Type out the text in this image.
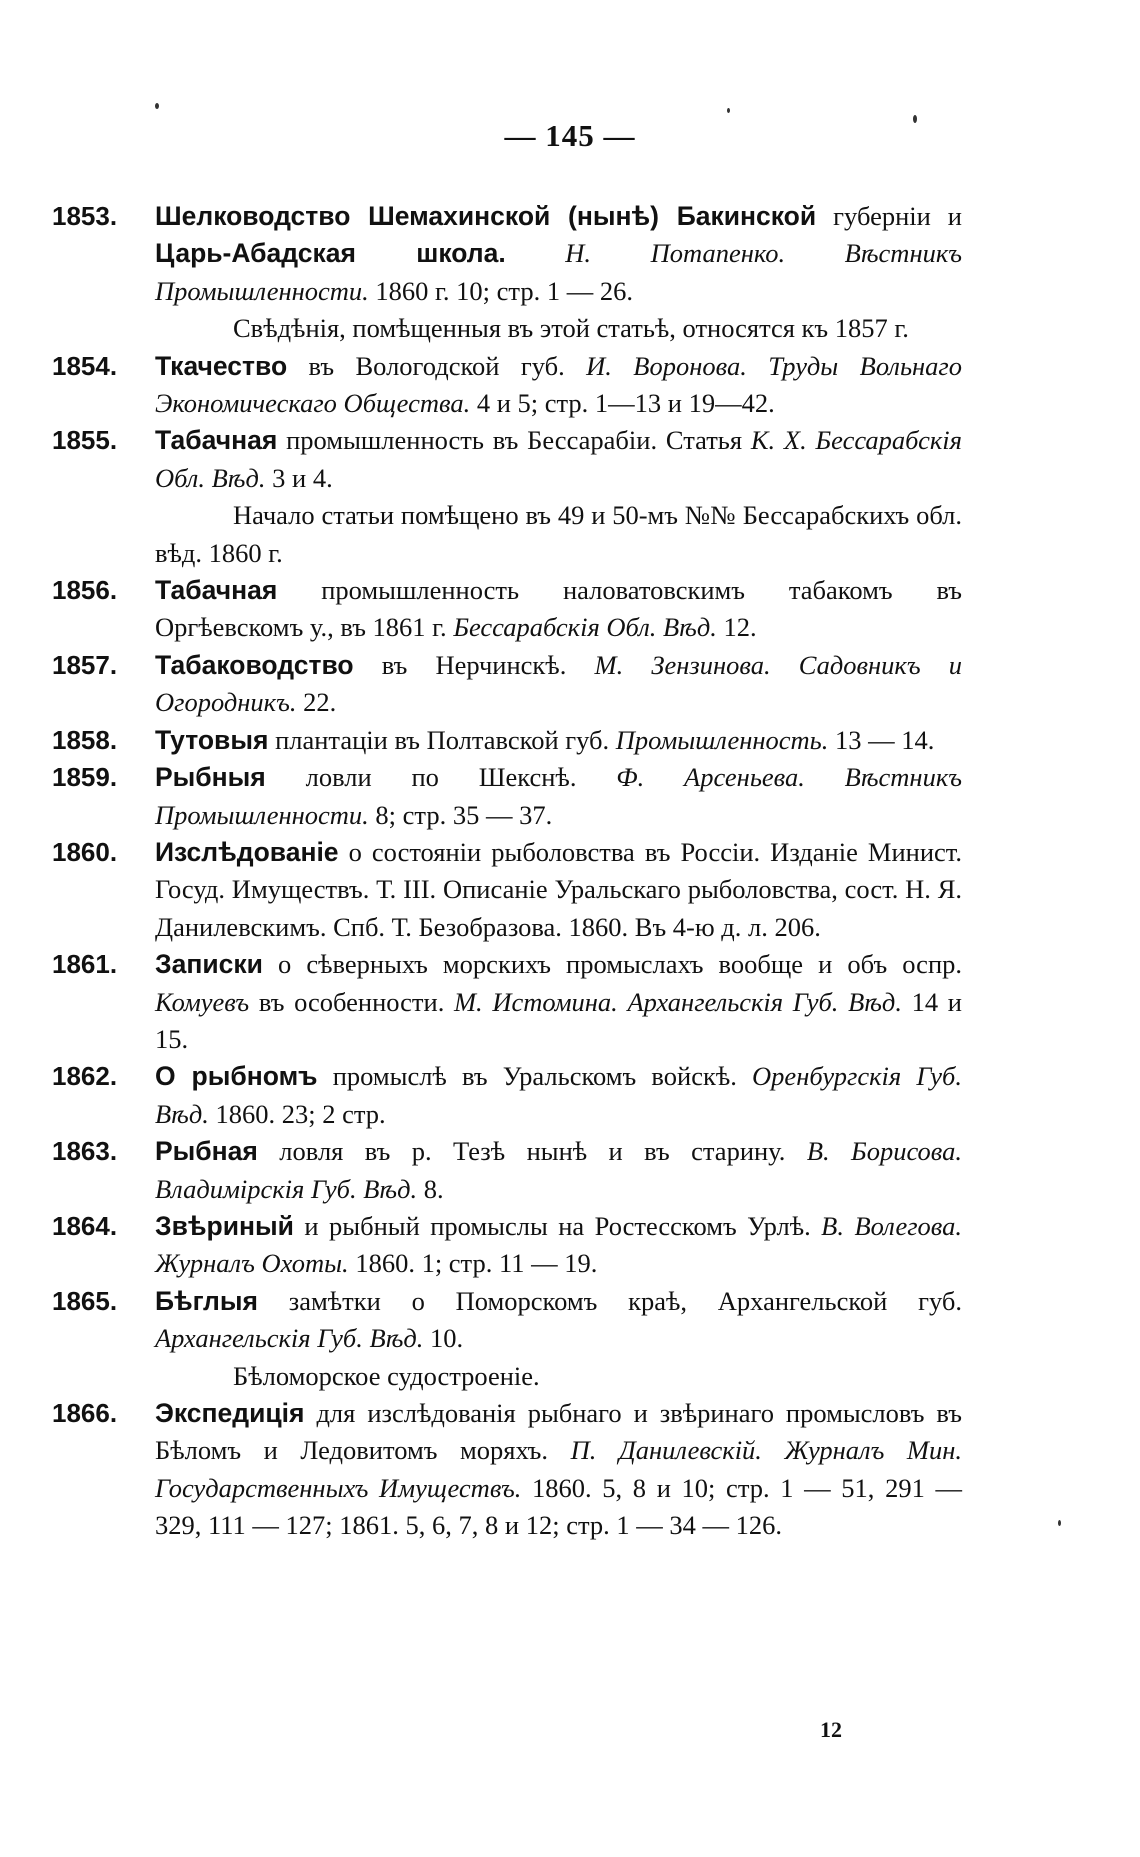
— 145 —
1853. Шелководство Шемахинской (нынѣ) Бакинской губернiи и Царь-Абадская школа. Н. Потапенко. Вѣстникъ Промышленности. 1860 г. 10; стр. 1 — 26.
Свѣдѣнiя, помѣщенныя въ этой статьѣ, относятся къ 1857 г.
1854. Ткачество въ Вологодской губ. И. Воронова. Труды Вольнаго Экономическаго Общества. 4 и 5; стр. 1—13 и 19—42.
1855. Табачная промышленность въ Бессарабiи. Статья К. Х. Бессарабскiя Обл. Вѣд. 3 и 4.
Начало статьи помѣщено въ 49 и 50-мъ №№ Бессарабскихъ обл. вѣд. 1860 г.
1856. Табачная промышленность наловатовскимъ табакомъ въ Оргѣевскомъ у., въ 1861 г. Бессарабскiя Обл. Вѣд. 12.
1857. Табаководство въ Нерчинскѣ. М. Зензинова. Садовникъ и Огородникъ. 22.
1858. Тутовыя плантацiи въ Полтавской губ. Промышленность. 13 — 14.
1859. Рыбныя ловли по Шекснѣ. Ф. Арсеньева. Вѣстникъ Промышленности. 8; стр. 35 — 37.
1860. Изслѣдованiе о состоянiи рыболовства въ Россiи. Изданiе Минист. Госуд. Имуществъ. Т. III. Описанiе Уральскаго рыболовства, сост. Н. Я. Данилевскимъ. Спб. Т. Безобразова. 1860. Въ 4-ю д. л. 206.
1861. Записки о сѣверныхъ морскихъ промыслахъ вообще и объ оспр. Комуевъ въ особенности. М. Истомина. Архангельскiя Губ. Вѣд. 14 и 15.
1862. О рыбномъ промыслѣ въ Уральскомъ войскѣ. Оренбургскiя Губ. Вѣд. 1860. 23; 2 стр.
1863. Рыбная ловля въ р. Тезѣ нынѣ и въ старину. В. Борисова. Владимiрскiя Губ. Вѣд. 8.
1864. Звѣриный и рыбный промыслы на Ростесскомъ Урлѣ. В. Волегова. Журналъ Охоты. 1860. 1; стр. 11 — 19.
1865. Бѣглыя замѣтки о Поморскомъ краѣ, Архангельской губ. Архангельскiя Губ. Вѣд. 10.
Бѣломорское судостроенiе.
1866. Экспедицiя для изслѣдованiя рыбнаго и звѣринаго промысловъ въ Бѣломъ и Ледовитомъ моряхъ. П. Данилевскiй. Журналъ Мин. Государственныхъ Имуществъ. 1860. 5, 8 и 10; стр. 1 — 51, 291 — 329, 111 — 127; 1861. 5, 6, 7, 8 и 12; стр. 1 — 34 — 126.
12
